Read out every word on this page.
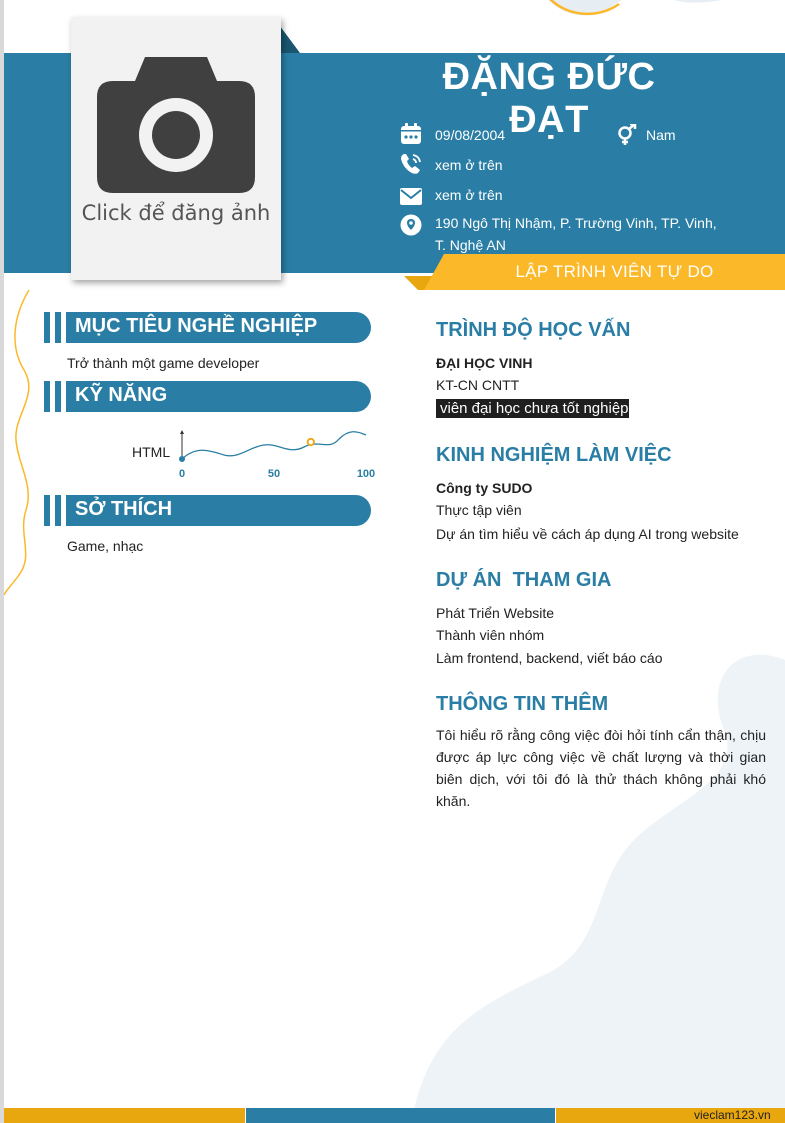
Click để đăng ảnh
ĐẶNG ĐỨC ĐẠT
09/08/2004	Nam
xem ở trên
xem ở trên
190 Ngô Thị Nhậm, P. Trường Vinh, TP. Vinh,
T. Nghệ AN
LẬP TRÌNH VIÊN TỰ DO
MỤC TIÊU NGHỀ NGHIỆP
Trở thành một game developer
KỸ NĂNG
HTML
0	50	100
SỞ THÍCH
Game, nhạc
TRÌNH ĐỘ HỌC VẤN
ĐẠI HỌC VINH
KT-CN CNTT
viên đại học chưa tốt nghiệp
KINH NGHIỆM LÀM VIỆC
Công ty SUDO
Thực tập viên
Dự án tìm hiểu về cách áp dụng AI trong website
DỰ ÁN  THAM GIA
Phát Triển Website
Thành viên nhóm
Làm frontend, backend, viết báo cáo
THÔNG TIN THÊM
Tôi hiểu rõ rằng công việc đòi hỏi tính cẩn thận, chịu được áp lực công việc về chất lượng và thời gian biên dịch, với tôi đó là thử thách không phải khó khăn.
vieclam123.vn
